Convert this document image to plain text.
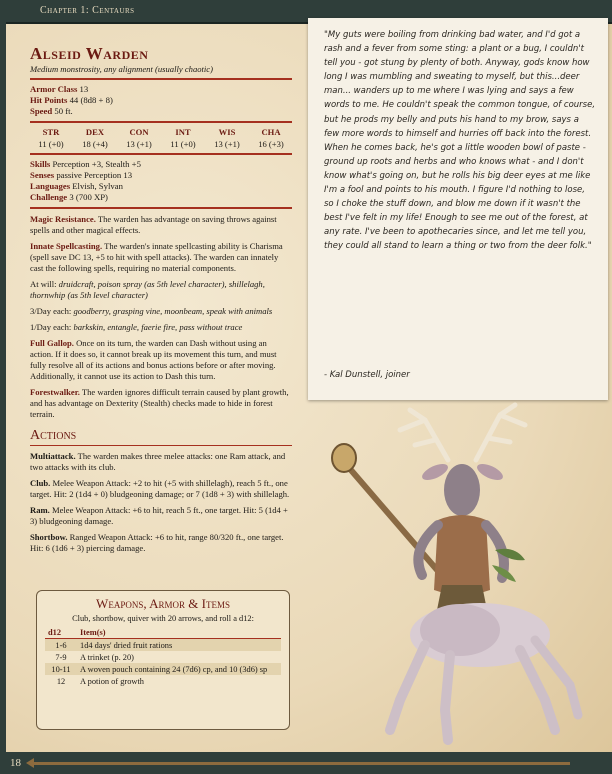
Chapter 1: Centaurs
Alseid Warden
Medium monstrosity, any alignment (usually chaotic)
Armor Class 13
Hit Points 44 (8d8 + 8)
Speed 50 ft.
STR	DEX	CON	INT	WIS	CHA
11 (+0)	18 (+4)	13 (+1)	11 (+0)	13 (+1)	16 (+3)
Skills Perception +3, Stealth +5
Senses passive Perception 13
Languages Elvish, Sylvan
Challenge 3 (700 XP)

Magic Resistance. The warden has advantage on saving throws against spells and other magical effects.

Innate Spellcasting. The warden's innate spellcasting ability is Charisma (spell save DC 13, +5 to hit with spell attacks). The warden can innately cast the following spells, requiring no material components.

At will: druidcraft, poison spray (as 5th level character), shillelagh, thornwhip (as 5th level character)

3/Day each: goodberry, grasping vine, moonbeam, speak with animals

1/Day each: barkskin, entangle, faerie fire, pass without trace

Full Gallop. Once on its turn, the warden can Dash without using an action. If it does so, it cannot break up its movement this turn, and must fully resolve all of its actions and bonus actions before or after moving. Additionally, it cannot use its action to Dash this turn.

Forestwalker. The warden ignores difficult terrain caused by plant growth, and has advantage on Dexterity (Stealth) checks made to hide in forest terrain.

Actions

Multiattack. The warden makes three melee attacks: one Ram attack, and two attacks with its club.

Club. Melee Weapon Attack: +2 to hit (+5 with shillelagh), reach 5 ft., one target. Hit: 2 (1d4 + 0) bludgeoning damage; or 7 (1d8 + 3) with shillelagh.

Ram. Melee Weapon Attack: +6 to hit, reach 5 ft., one target. Hit: 5 (1d4 + 3) bludgeoning damage.

Shortbow. Ranged Weapon Attack: +6 to hit, range 80/320 ft., one target. Hit: 6 (1d6 + 3) piercing damage.

Weapons, Armor & Items
Club, shortbow, quiver with 20 arrows, and roll a d12:
d12	Item(s)
1-6	1d4 days' dried fruit rations
7-9	A trinket (p. 20)
10-11	A woven pouch containing 24 (7d6) cp, and 10 (3d6) sp
12	A potion of growth
"My guts were boiling from drinking bad water, and I'd got a rash and a fever from some sting: a plant or a bug, I couldn't tell you - got stung by plenty of both. Anyway, gods know how long I was mumbling and sweating to myself, but this...deer man... wanders up to me where I was lying and says a few words to me. He couldn't speak the common tongue, of course, but he prods my belly and puts his hand to my brow, says a few more words to himself and hurries off back into the forest. When he comes back, he's got a little wooden bowl of paste - ground up roots and herbs and who knows what - and I don't know what's going on, but he rolls his big deer eyes at me like I'm a fool and points to his mouth. I figure I'd nothing to lose, so I choke the stuff down, and blow me down if it wasn't the best I've felt in my life! Enough to see me out of the forest, at any rate. I've been to apothecaries since, and let me tell you, they could all stand to learn a thing or two from the deer folk."
- Kal Dunstell, joiner
18
